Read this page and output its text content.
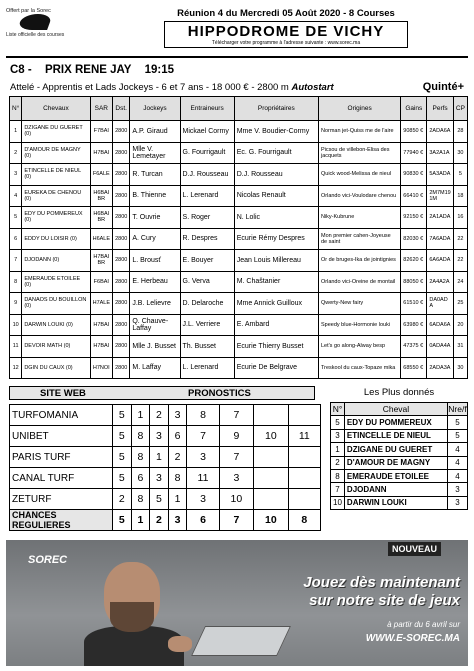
Offert par la Sorec
Liste officielle des courses
Réunion 4 du Mercredi 05 Août 2020 - 8 Courses
HIPPODROME DE VICHY
Télécharger votre programme à l'adresse suivante : www.sorec.ma
C8 - PRIX RENE JAY 19:15
Attelé - Apprentis et Lads Jockeys - 6 et 7 ans - 18 000 € - 2800 m Autostart	Quinté+
N°	Chevaux	SAR	Dst.	Jockeys	Entraineurs	Propriétaires	Origines	Gains	Perfs	CP
1	DZIGANE DU GUERET (0)	F7BAI	2800	A.P. Giraud	Mickael Cormy	Mme V. Boudier-Cormy	Norman jet-Quiss me de l'aire	90850 €	2ADA6A	28
2	D'AMOUR DE MAGNY (0)	H7BAI	2800	Mlle V. Lemetayer	G. Fourrigault	Ec. G. Fourrigault	Picsou de villebon-Elisa des jacquets	77940 €	3A2A1A	30
3	ETINCELLE DE NIEUL (0)	F6ALE	2800	R. Turcan	D.J. Rousseau	D.J. Rousseau	Quick wood-Melissa de nieul	90830 €	5A3ADA	5
4	EUREKA DE CHENOU (0)	H6BAI BR	2800	B. Thienne	L. Lerenard	Nicolas Renault	Orlando vici-Voulodare chenou	66410 €	2M7M19 1M	18
5	EDY DU POMMEREUX (0)	H6BAI BR	2800	T. Ouvrie	S. Roger	N. Lolic	Niky-Kubrune	92150 €	2A1ADA	16
6	EDDY DU LOISIR (0)	H6ALE	2800	A. Cury	R. Despres	Ecurie Rémy Despres	Mon premier cahen-Joyeuse de saint	82030 €	7A6ADA	22
7	DJODANN (0)	H7BAI BR	2800	L. Brousť	E. Bouyer	Jean Louis Millereau	Or de bruges-Ika de jointignies	82620 €	6A6ADA	22
8	EMERAUDE ETOILEE (0)	F6BAI	2800	E. Herbeau	G. Verva	M. Chaštanier	Orlando vici-Oreine de montail	88050 €	2A4A2A	24
9	DANAOS DU BOUILLON (0)	H7ALE	2800	J.B. Lelievre	D. Delaroche	Mme Annick Guilloux	Qwerty-New fairy	61510 €	DA0AD A	25
10	DARWIN LOUKI (0)	H7BAI	2800	Q. Chauve-Laffay	J.L. Verriere	E. Ambard	Speedy blue-Hormonie louki	63980 €	6ADA6A	20
11	DEVOIR MATH (0)	H7BAI	2800	Mlle J. Busset	Th. Busset	Ecurie Thierry Busset	Let's go along-Alway besp	47375 €	0ADA4A	31
12	DGIN DU CAUX (0)	H7NOI	2800	M. Laffay	L. Lerenard	Ecurie De Belgrave	Treskool du caux-Topaze mika	68550 €	2ADA3A	30
SITE WEB	PRONOSTICS
TURFOMANIA	5	1	2	3	8	7		
UNIBET	5	8	3	6	7	9	10	11
PARIS TURF	5	8	1	2	3	7		
CANAL TURF	5	6	3	8	11	3		
ZETURF	2	8	5	1	3	10		
CHANCES REGULIERES	5	1	2	3	6	7	10	8
Les Plus donnés
N°	Cheval	Nre/f
5	EDY DU POMMEREUX	5
3	ETINCELLE DE NIEUL	5
1	DZIGANE DU GUERET	4
2	D'AMOUR DE MAGNY	4
8	EMERAUDE ETOILEE	4
7	DJODANN	3
10	DARWIN LOUKI	3
SOREC
NOUVEAU
Jouez dès maintenant
sur notre site de jeux
à partir du 6 avril sur
WWW.E-SOREC.MA
